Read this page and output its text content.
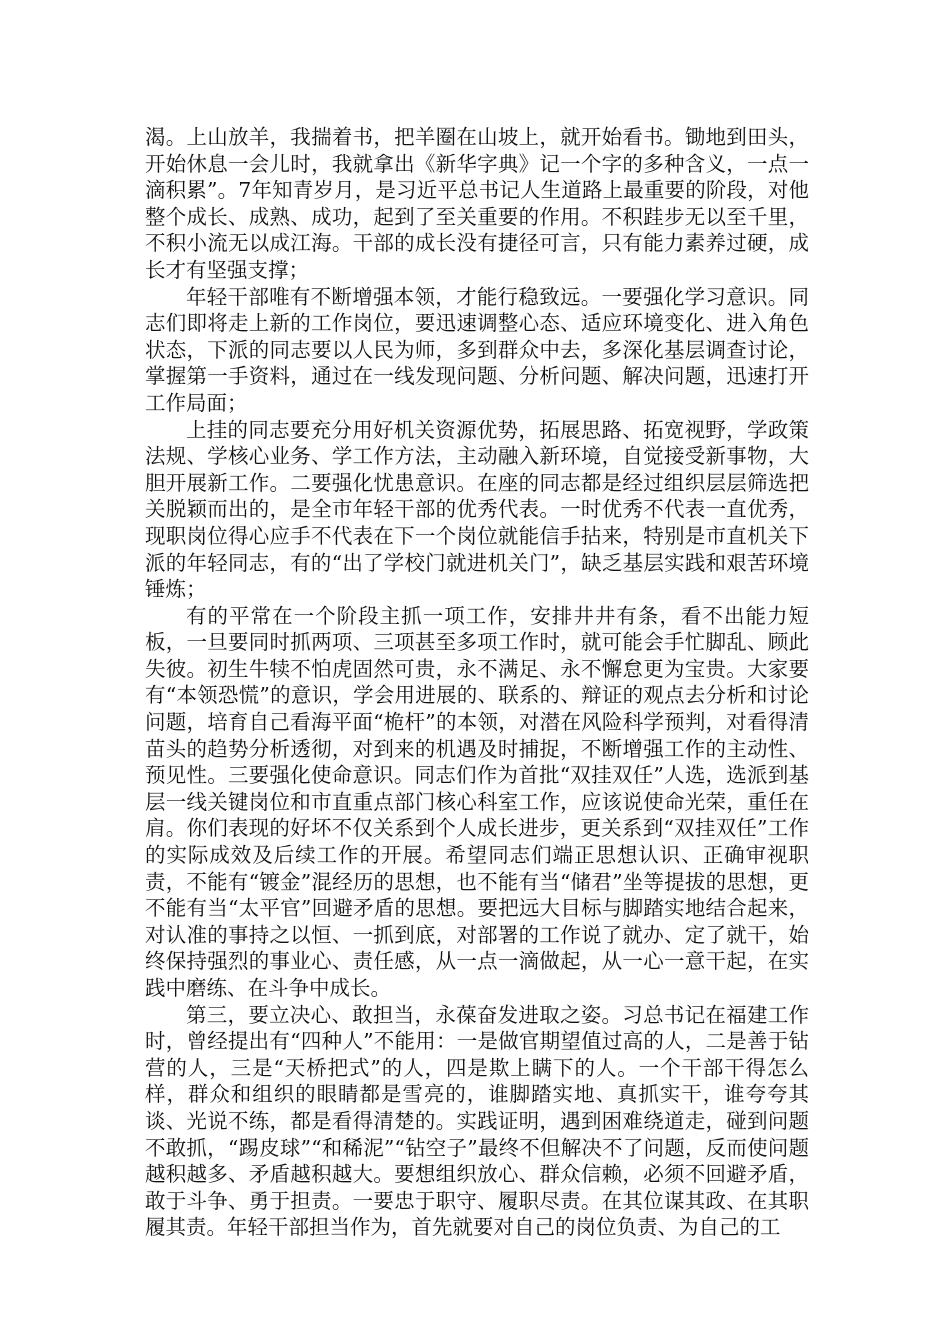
渴。上山放羊，我揣着书，把羊圈在山坡上，就开始看书。锄地到田头，开始休息一会儿时，我就拿出《新华字典》记一个字的多种含义，一点一滴积累”。7年知青岁月，是习近平总书记人生道路上最重要的阶段，对他整个成长、成熟、成功，起到了至关重要的作用。不积跬步无以至千里，不积小流无以成江海。干部的成长没有捷径可言，只有能力素养过硬，成长才有坚强支撑；

年轻干部唯有不断增强本领，才能行稳致远。一要强化学习意识。同志们即将走上新的工作岗位，要迅速调整心态、适应环境变化、进入角色状态，下派的同志要以人民为师，多到群众中去，多深化基层调查讨论，掌握第一手资料，通过在一线发现问题、分析问题、解决问题，迅速打开工作局面；

上挂的同志要充分用好机关资源优势，拓展思路、拓宽视野，学政策法规、学核心业务、学工作方法，主动融入新环境，自觉接受新事物，大胆开展新工作。二要强化忧患意识。在座的同志都是经过组织层层筛选把关脱颖而出的，是全市年轻干部的优秀代表。一时优秀不代表一直优秀，现职岗位得心应手不代表在下一个岗位就能信手拈来，特别是市直机关下派的年轻同志，有的“出了学校门就进机关门”，缺乏基层实践和艰苦环境锤炼；

有的平常在一个阶段主抓一项工作，安排井井有条，看不出能力短板，一旦要同时抓两项、三项甚至多项工作时，就可能会手忙脚乱、顾此失彼。初生牛犊不怕虎固然可贵，永不满足、永不懈怠更为宝贵。大家要有“本领恐慌”的意识，学会用进展的、联系的、辩证的观点去分析和讨论问题，培育自己看海平面“桅杆”的本领，对潜在风险科学预判，对看得清苗头的趋势分析透彻，对到来的机遇及时捕捉，不断增强工作的主动性、预见性。三要强化使命意识。同志们作为首批“双挂双任”人选，选派到基层一线关键岗位和市直重点部门核心科室工作，应该说使命光荣，重任在肩。你们表现的好坏不仅关系到个人成长进步，更关系到“双挂双任”工作的实际成效及后续工作的开展。希望同志们端正思想认识、正确审视职责，不能有“镀金”混经历的思想，也不能有当“储君”坐等提拔的思想，更不能有当“太平官”回避矛盾的思想。要把远大目标与脚踏实地结合起来，对认准的事持之以恒、一抓到底，对部署的工作说了就办、定了就干，始终保持强烈的事业心、责任感，从一点一滴做起，从一心一意干起，在实践中磨练、在斗争中成长。

第三，要立决心、敢担当，永葆奋发进取之姿。习总书记在福建工作时，曾经提出有“四种人”不能用：一是做官期望值过高的人，二是善于钻营的人，三是“天桥把式”的人，四是欺上瞒下的人。一个干部干得怎么样，群众和组织的眼睛都是雪亮的，谁脚踏实地、真抓实干，谁夸夸其谈、光说不练，都是看得清楚的。实践证明，遇到困难绕道走，碰到问题不敢抓，“踢皮球”“和稀泥”“钻空子”最终不但解决不了问题，反而使问题越积越多、矛盾越积越大。要想组织放心、群众信赖，必须不回避矛盾，敢于斗争、勇于担责。一要忠于职守、履职尽责。在其位谋其政、在其职履其责。年轻干部担当作为，首先就要对自己的岗位负责、为自己的工
